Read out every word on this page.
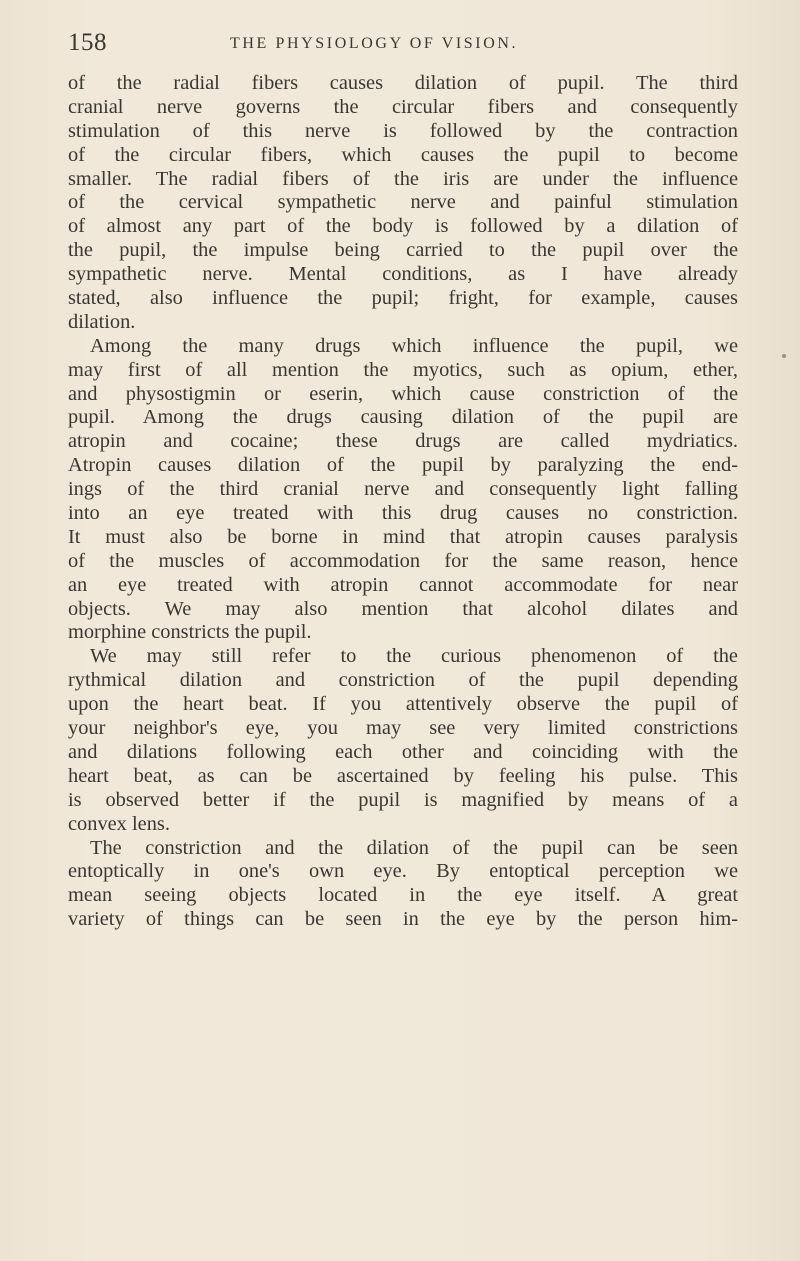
158	THE PHYSIOLOGY OF VISION.
of the radial fibers causes dilation of pupil. The third
cranial nerve governs the circular fibers and consequently
stimulation of this nerve is followed by the contraction
of the circular fibers, which causes the pupil to become
smaller. The radial fibers of the iris are under the influence
of the cervical sympathetic nerve and painful stimulation
of almost any part of the body is followed by a dilation of
the pupil, the impulse being carried to the pupil over the
sympathetic nerve. Mental conditions, as I have already
stated, also influence the pupil; fright, for example, causes
dilation.
Among the many drugs which influence the pupil, we
may first of all mention the myotics, such as opium, ether,
and physostigmin or eserin, which cause constriction of the
pupil. Among the drugs causing dilation of the pupil are
atropin and cocaine; these drugs are called mydriatics.
Atropin causes dilation of the pupil by paralyzing the end-
ings of the third cranial nerve and consequently light falling
into an eye treated with this drug causes no constriction.
It must also be borne in mind that atropin causes paralysis
of the muscles of accommodation for the same reason, hence
an eye treated with atropin cannot accommodate for near
objects. We may also mention that alcohol dilates and
morphine constricts the pupil.
We may still refer to the curious phenomenon of the
rythmical dilation and constriction of the pupil depending
upon the heart beat. If you attentively observe the pupil of
your neighbor's eye, you may see very limited constrictions
and dilations following each other and coinciding with the
heart beat, as can be ascertained by feeling his pulse. This
is observed better if the pupil is magnified by means of a
convex lens.
The constriction and the dilation of the pupil can be seen
entoptically in one's own eye. By entoptical perception we
mean seeing objects located in the eye itself. A great
variety of things can be seen in the eye by the person him-
